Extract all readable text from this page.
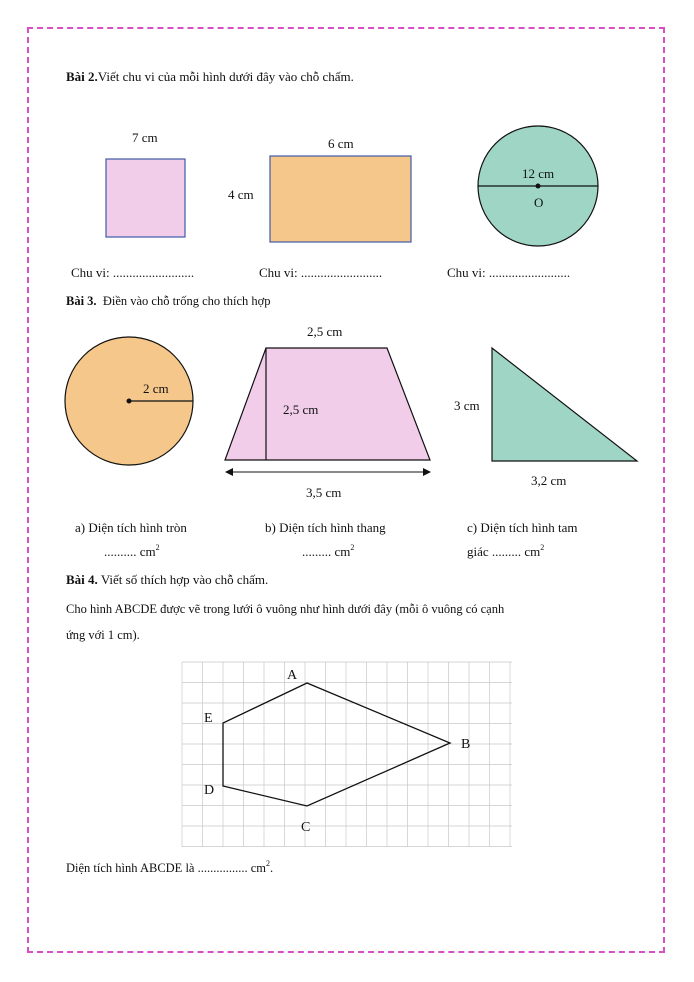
Bài 2.Viết chu vi của mỗi hình dưới đây vào chỗ chấm.
7 cm	6 cm
4 cm
12 cm
O
2 cm
2,5 cm
2,5 cm
3,5 cm
3 cm
3,2 cm
A
B
C
D
E
Chu vi: .........................	Chu vi: .........................	Chu vi: .........................
Bài 3. Điền vào chỗ trống cho thích hợp
a) Diện tích hình tròn
.......... $cm^2$
b) Diện tích hình thang
......... $cm^2$
c) Diện tích hình tam
giác ......... $cm^2$
Bài 4. Viết số thích hợp vào chỗ chấm.
Cho hình ABCDE được vẽ trong lưới ô vuông như hình dưới đây (mỗi ô vuông có cạnh
ứng với 1 cm).
Diện tích hình ABCDE là ................ $cm^2$.
